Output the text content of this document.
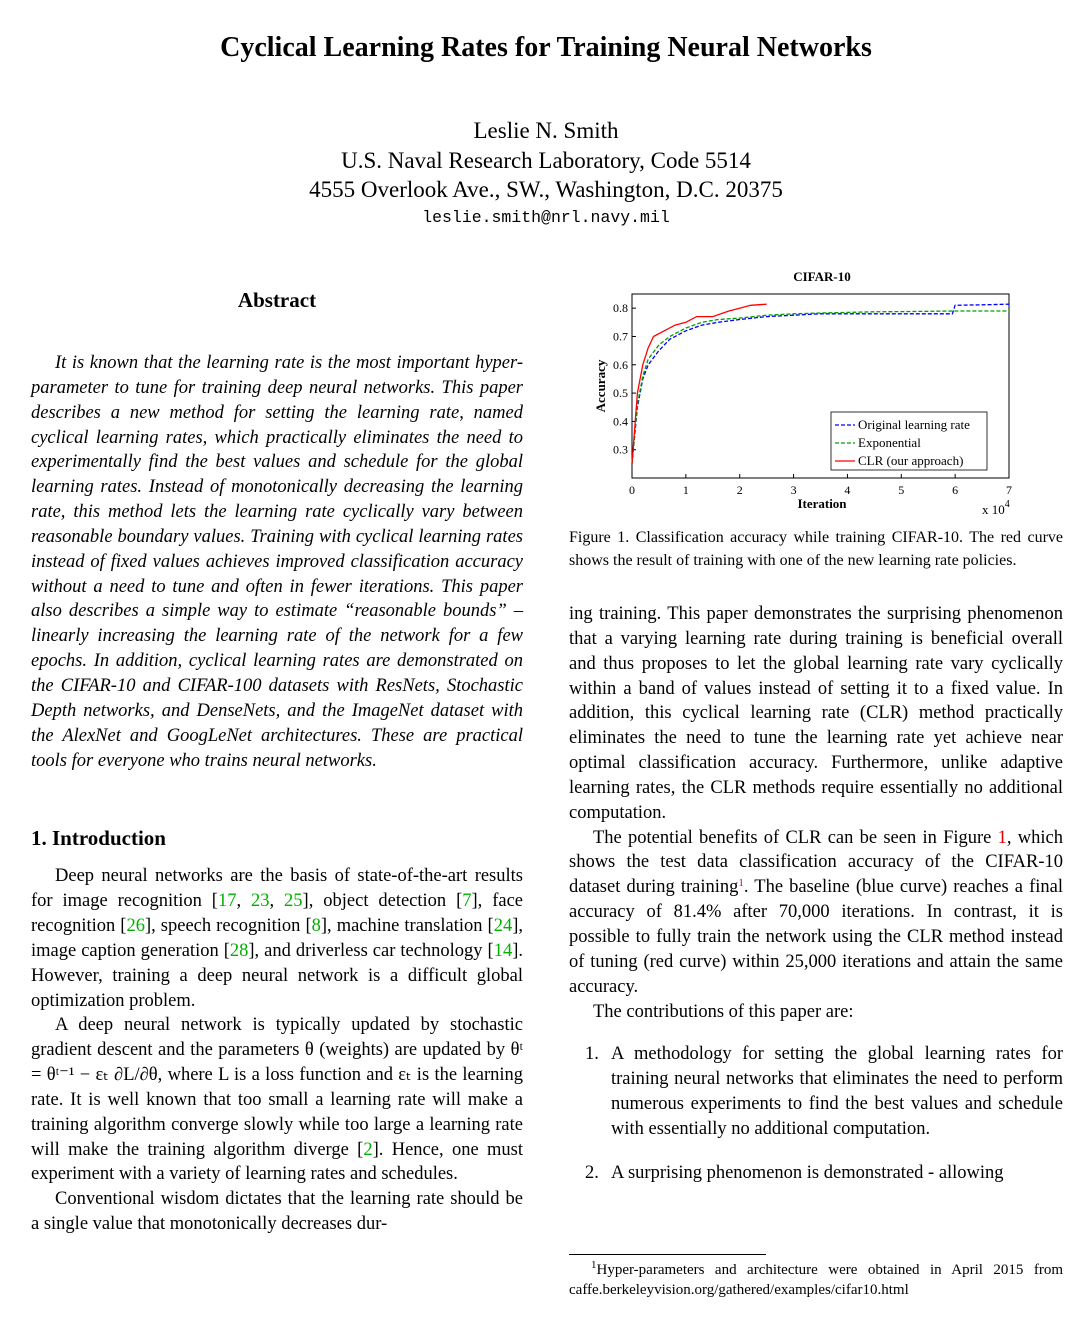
Cyclical Learning Rates for Training Neural Networks
Leslie N. Smith
U.S. Naval Research Laboratory, Code 5514
4555 Overlook Ave., SW., Washington, D.C. 20375
leslie.smith@nrl.navy.mil
Abstract

It is known that the learning rate is the most important hyper-parameter to tune for training deep neural networks. This paper describes a new method for setting the learning rate, named cyclical learning rates, which practically eliminates the need to experimentally find the best values and schedule for the global learning rates. Instead of monotonically decreasing the learning rate, this method lets the learning rate cyclically vary between reasonable boundary values. Training with cyclical learning rates instead of fixed values achieves improved classification accuracy without a need to tune and often in fewer iterations. This paper also describes a simple way to estimate “reasonable bounds” – linearly increasing the learning rate of the network for a few epochs. In addition, cyclical learning rates are demonstrated on the CIFAR-10 and CIFAR-100 datasets with ResNets, Stochastic Depth networks, and DenseNets, and the ImageNet dataset with the AlexNet and GoogLeNet architectures. These are practical tools for everyone who trains neural networks.

1. Introduction

Deep neural networks are the basis of state-of-the-art results for image recognition [17, 23, 25], object detection [7], face recognition [26], speech recognition [8], machine translation [24], image caption generation [28], and driverless car technology [14]. However, training a deep neural network is a difficult global optimization problem.

A deep neural network is typically updated by stochastic gradient descent and the parameters θ (weights) are updated by θᵗ = θᵗ⁻¹ − εₜ ∂L/∂θ, where L is a loss function and εₜ is the learning rate. It is well known that too small a learning rate will make a training algorithm converge slowly while too large a learning rate will make the training algorithm diverge [2]. Hence, one must experiment with a variety of learning rates and schedules.

Conventional wisdom dictates that the learning rate should be a single value that monotonically decreases dur-

CIFAR-10
0.3
0.4
0.5
0.6
0.7
0.8
0	1	2	3	4	5	6	7
Accuracy
Iteration	x $10^4$
Original learning rate
Exponential
CLR (our approach)

Figure 1. Classification accuracy while training CIFAR-10. The red curve shows the result of training with one of the new learning rate policies.

ing training. This paper demonstrates the surprising phenomenon that a varying learning rate during training is beneficial overall and thus proposes to let the global learning rate vary cyclically within a band of values instead of setting it to a fixed value. In addition, this cyclical learning rate (CLR) method practically eliminates the need to tune the learning rate yet achieve near optimal classification accuracy. Furthermore, unlike adaptive learning rates, the CLR methods require essentially no additional computation.

The potential benefits of CLR can be seen in Figure 1, which shows the test data classification accuracy of the CIFAR-10 dataset during training$^1$. The baseline (blue curve) reaches a final accuracy of 81.4% after 70,000 iterations. In contrast, it is possible to fully train the network using the CLR method instead of tuning (red curve) within 25,000 iterations and attain the same accuracy.

The contributions of this paper are:

1. A methodology for setting the global learning rates for training neural networks that eliminates the need to perform numerous experiments to find the best values and schedule with essentially no additional computation.
2. A surprising phenomenon is demonstrated - allowing
$^1$Hyper-parameters and architecture were obtained in April 2015 from caffe.berkeleyvision.org/gathered/examples/cifar10.html
